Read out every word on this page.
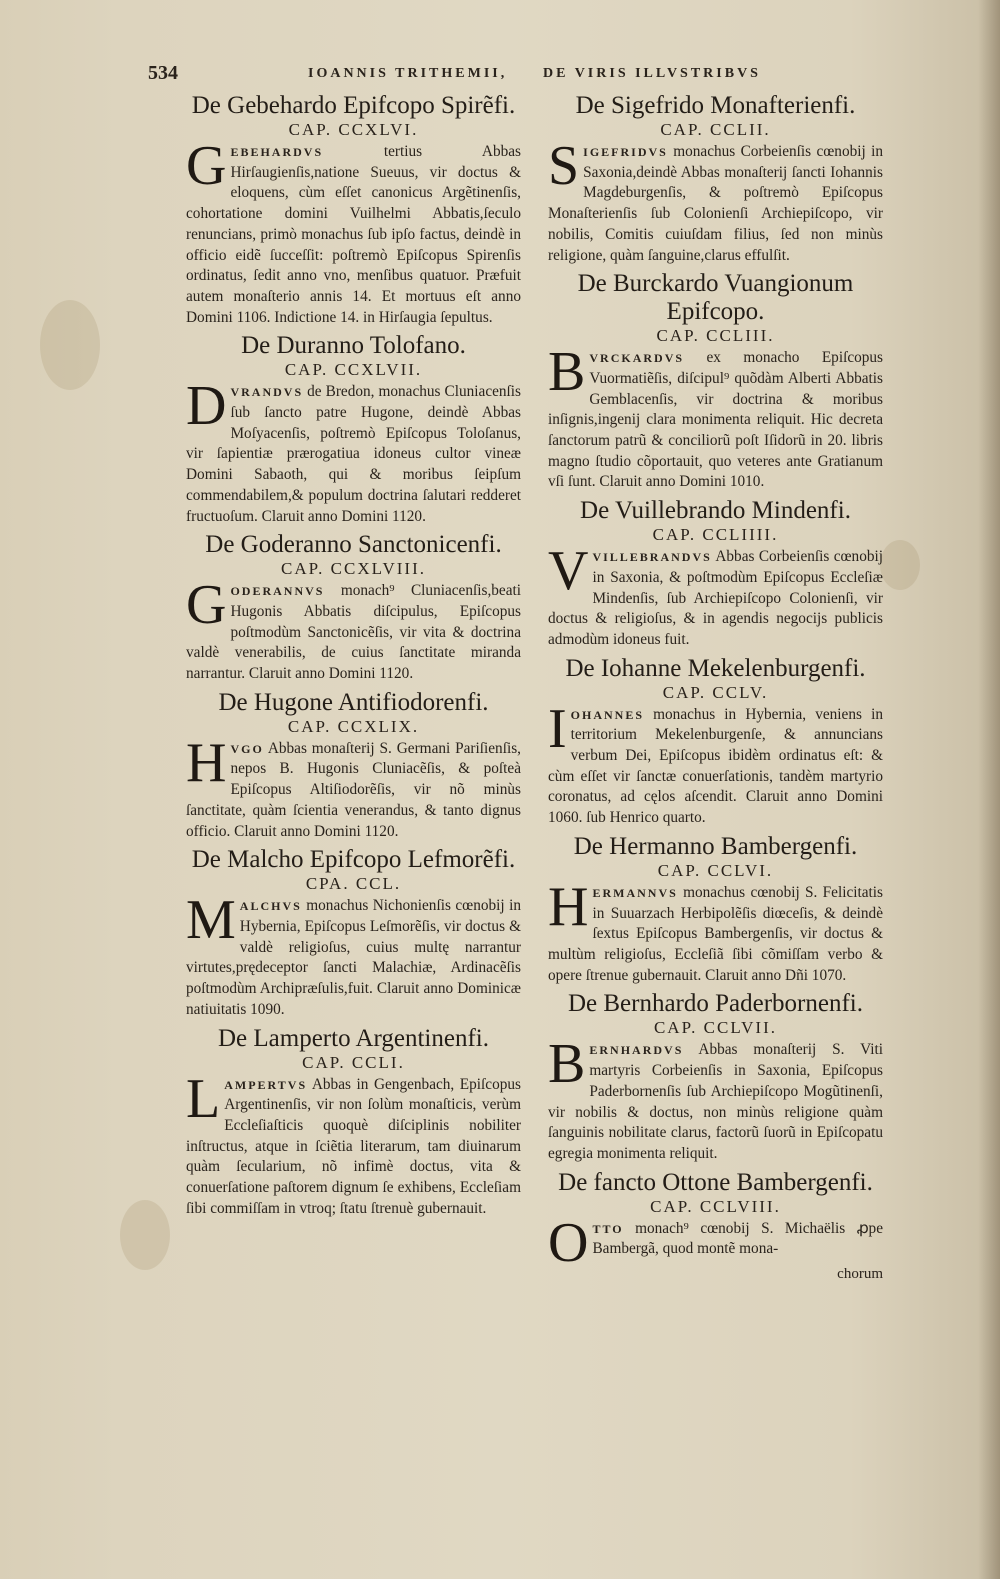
534	IOANNIS TRITHEMII,	DE VIRIS ILLVSTRIBVS

De Gebehardo Epifcopo Spirẽfi.

CAP. CCXLVI.

GEBEHARDVS	tertius Abbas Hirſaugienſis,natione Sueuus, vir doctus & eloquens, cùm eſſet canonicus Argẽtinenſis, cohortatione domini Vuilhelmi Abbatis,ſeculo renuncians, primò monachus ſub ipſo factus, deindè in officio eidẽ ſucceſſit: poſtremò Epiſcopus Spirenſis ordinatus, ſedit anno vno, menſibus quatuor. Præfuit autem monaſterio annis 14. Et mortuus eſt anno Domini 1106. Indictione 14. in Hirſaugia ſepultus.

De Duranno Tolofano.

CAP. CCXLVII.

DVRANDVS de Bredon, monachus Cluniacenſis ſub ſancto patre Hugone, deindè Abbas Moſyacenſis, poſtremò Epiſcopus Toloſanus, vir ſapientiæ prærogatiua idoneus cultor vineæ Domini Sabaoth, qui & moribus ſeipſum commendabilem,& populum doctrina ſalutari redderet fructuoſum. Claruit anno Domini 1120.

De Goderanno Sanctonicenfi.

CAP. CCXLVIII.

GODERANNVS monach⁹ Cluniacenſis,beati Hugonis Abbatis diſcipulus, Epiſcopus poſtmodùm Sanctonicẽſis, vir vita & doctrina valdè venerabilis, de cuius ſanctitate miranda narrantur. Claruit anno Domini 1120.

De Hugone Antifiodorenfi.

CAP. CCXLIX.

HVGO Abbas monaſterij S. Germani Pariſienſis, nepos B. Hugonis Cluniacẽſis, & poſteà Epiſcopus Altiſiodorẽſis, vir nõ minùs ſanctitate, quàm ſcientia venerandus, & tanto dignus officio. Claruit anno Domini 1120.

De Malcho Epifcopo Lefmorẽfi.

CPA. CCL.

MALCHVS monachus Nichonienſis cœnobij in Hybernia, Epiſcopus Leſmorẽſis, vir doctus & valdè religioſus, cuius multę narrantur virtutes,prędeceptor ſancti Malachiæ, Ardinacẽſis poſtmodùm Archipræſulis,fuit. Claruit anno Dominicæ natiuitatis 1090.

De Lamperto Argentinenfi.

CAP. CCLI.

LAMPERTVS Abbas in Gengenbach, Epiſcopus Argentinenſis, vir non ſolùm monaſticis, verùm Eccleſiaſticis quoquè diſciplinis nobiliter inſtructus, atque in ſciẽtia literarum, tam diuinarum quàm ſecularium, nõ infimè doctus, vita & conuerſatione paſtorem dignum ſe exhibens, Eccleſiam ſibi commiſſam in vtroq; ſtatu ſtrenuè gubernauit.

De Sigefrido Monafterienfi.

CAP. CCLII.

SIGEFRIDVS monachus Corbeienſis cœnobij in Saxonia,deindè Abbas monaſterij ſancti Iohannis Magdeburgenſis, & poſtremò Epiſcopus Monaſterienſis ſub Colonienſi Archiepiſcopo, vir nobilis, Comitis cuiuſdam filius, ſed non minùs religione, quàm ſanguine,clarus effulſit.

De Burckardo Vuangionum Epifcopo.

CAP. CCLIII.

BVRCKARDVS ex monacho Epiſcopus Vuormatiẽſis, diſcipul⁹ quõdàm Alberti Abbatis Gemblacenſis, vir doctrina & moribus inſignis,ingenij clara monimenta reliquit. Hic decreta ſanctorum patrũ & conciliorũ poſt Iſidorũ in 20. libris magno ſtudio cõportauit, quo veteres ante Gratianum vſi ſunt. Claruit anno Domini 1010.

De Vuillebrando Mindenfi.

CAP. CCLIIII.

VVILLEBRANDVS Abbas Corbeienſis cœnobij in Saxonia, & poſtmodùm Epiſcopus Eccleſiæ Mindenſis, ſub Archiepiſcopo Colonienſi, vir doctus & religioſus, & in agendis negocijs publicis admodùm idoneus fuit.

De Iohanne Mekelenburgenfi.

CAP. CCLV.

IOHANNES monachus in Hybernia, veniens in territorium Mekelenburgenſe, & annuncians verbum Dei, Epiſcopus ibidèm ordinatus eſt: & cùm eſſet vir ſanctæ conuerſationis, tandèm martyrio coronatus, ad cęlos aſcendit. Claruit anno Domini 1060. ſub Henrico quarto.

De Hermanno Bambergenfi.

CAP. CCLVI.

HERMANNVS monachus cœnobij S. Felicitatis in Suuarzach Herbipolẽſis diœceſis, & deindè ſextus Epiſcopus Bambergenſis, vir doctus & multùm religioſus, Eccleſiã ſibi cõmiſſam verbo & opere ſtrenue gubernauit. Claruit anno Dñi 1070.

De Bernhardo Paderbornenfi.

CAP. CCLVII.

BERNHARDVS Abbas monaſterij S. Viti martyris Corbeienſis in Saxonia, Epiſcopus Paderbornenſis ſub Archiepiſcopo Mogũtinenſi, vir nobilis & doctus, non minùs religione quàm ſanguinis nobilitate clarus, factorũ ſuorũ in Epiſcopatu egregia monimenta reliquit.

De fancto Ottone Bambergenfi.

CAP. CCLVIII.

OTTO monach⁹ cœnobij S. Michaëlis ꝓpe Bambergã, quod montẽ mona-

chorum
